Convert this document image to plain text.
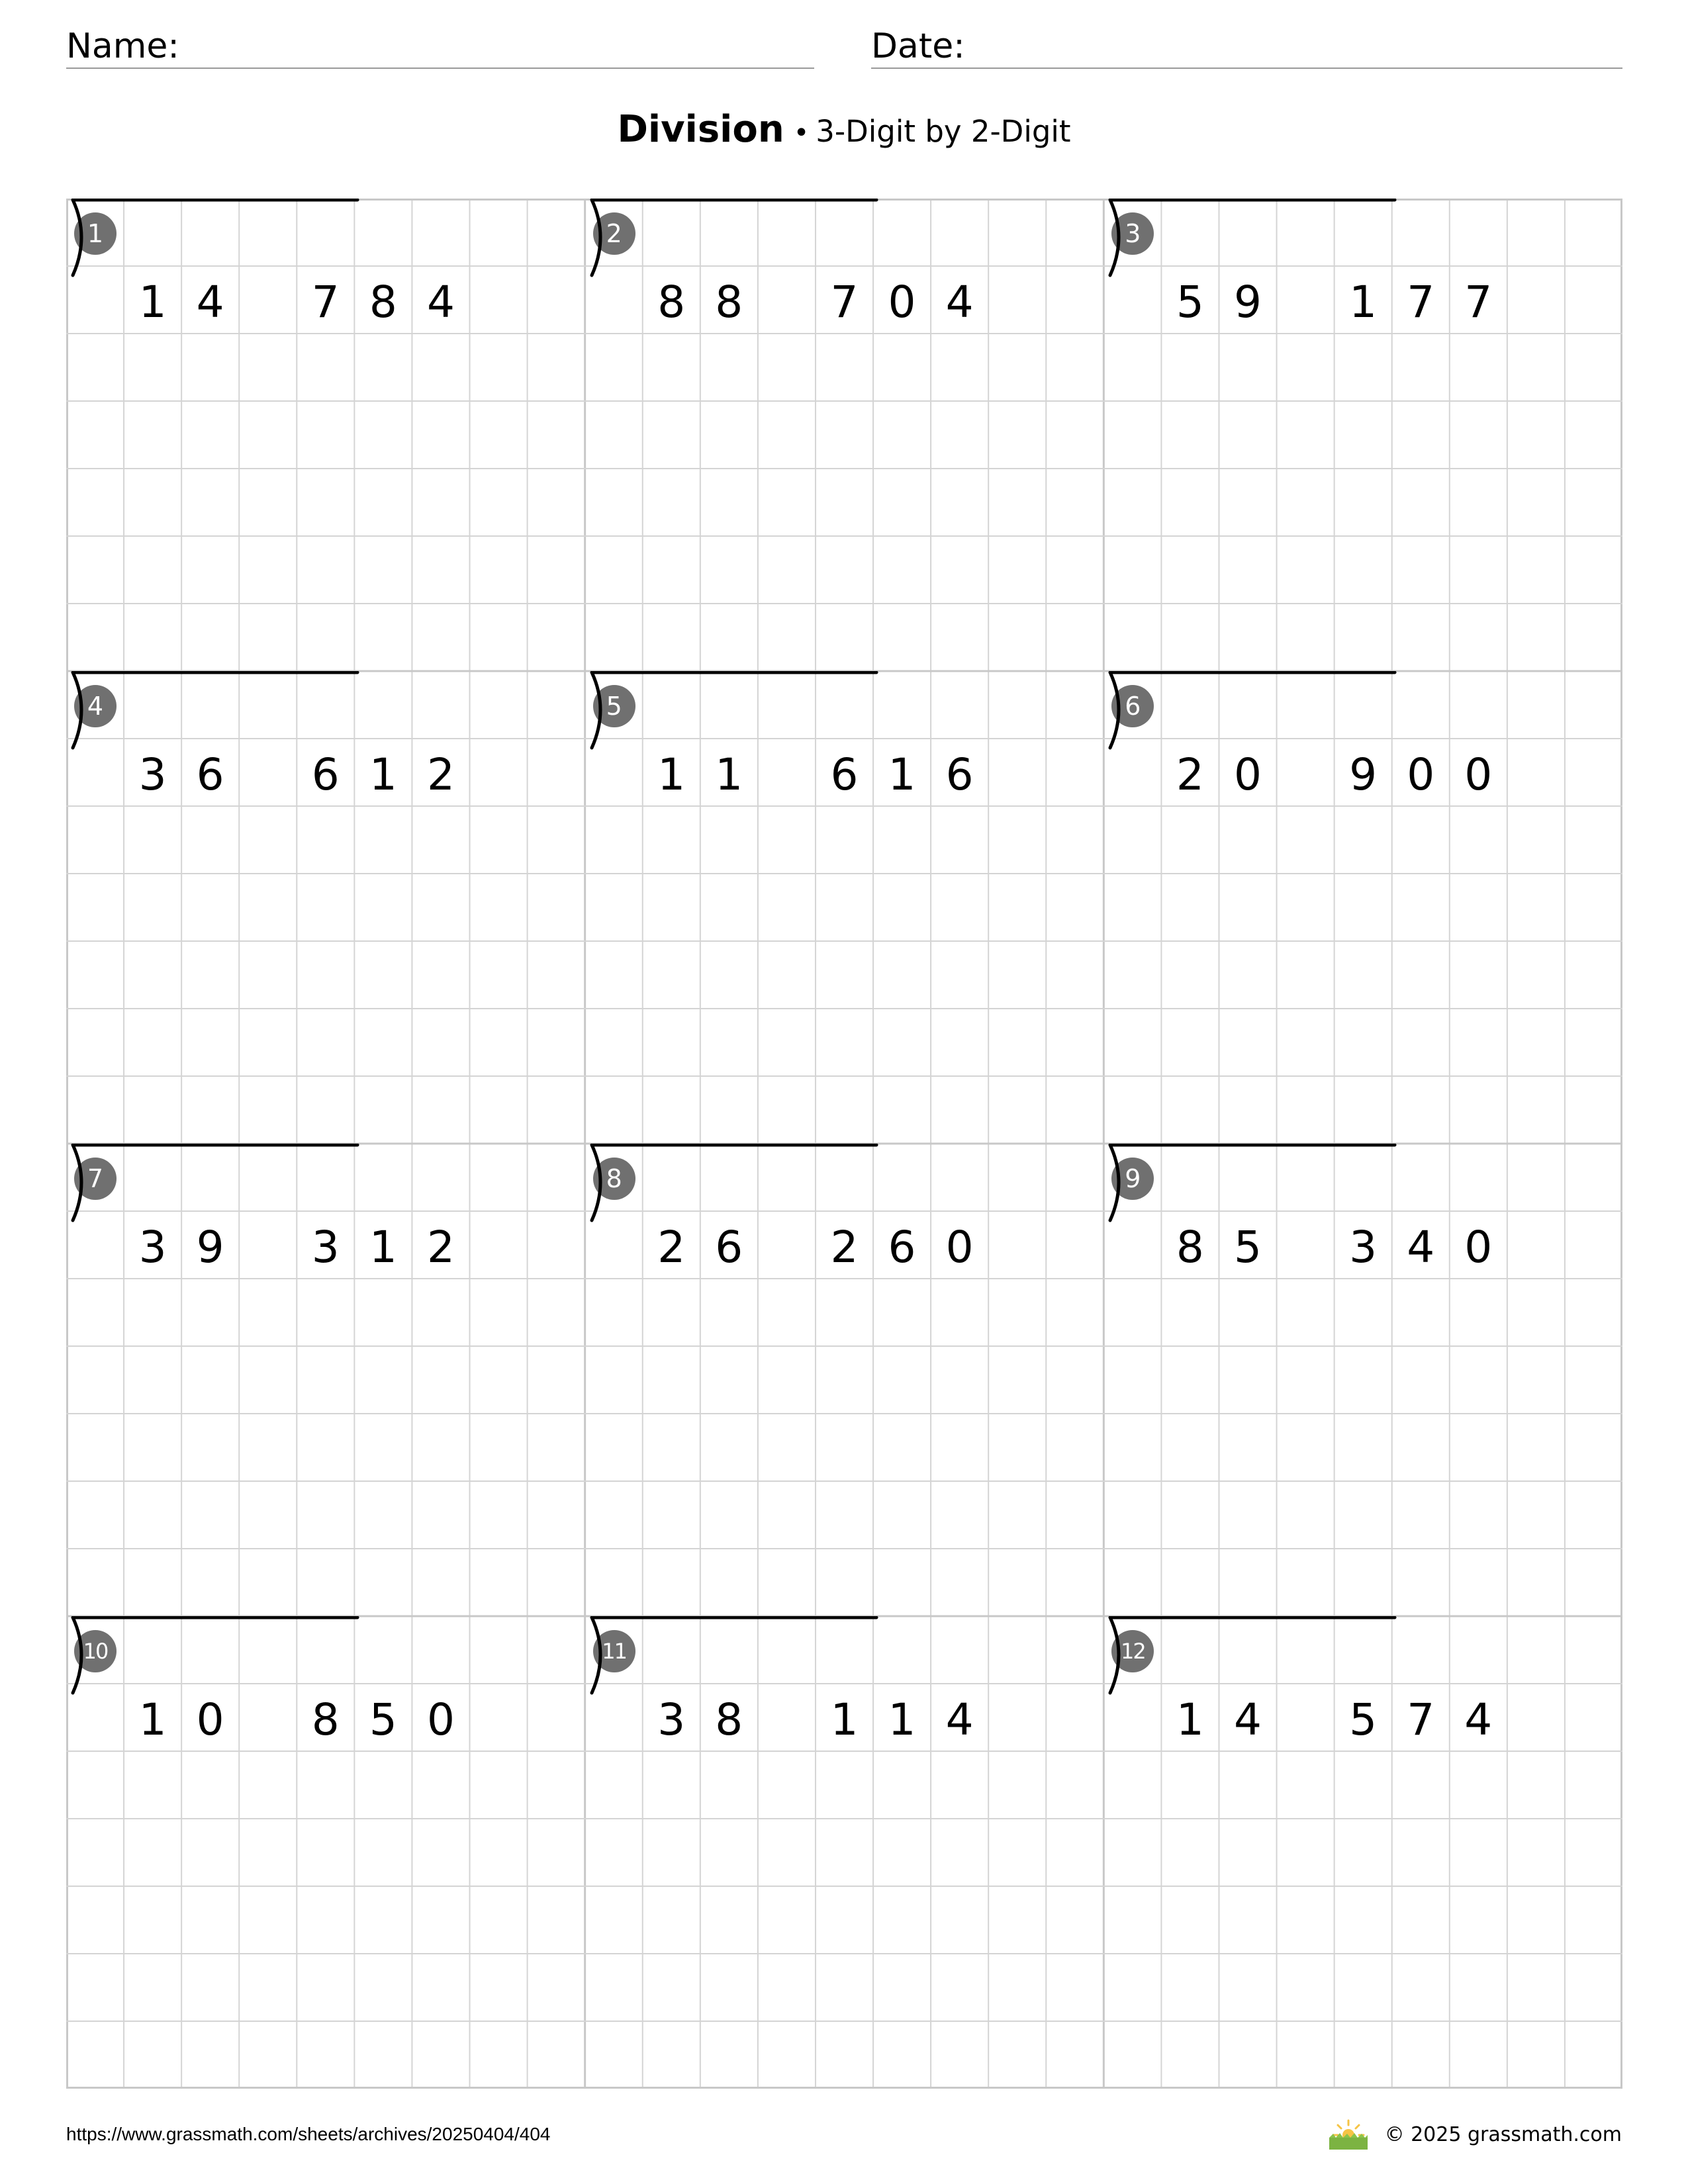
Name:	Date:
Division • 3-Digit by 2-Digit
1
1 4	7 8 4
2
8 8	7 0 4
3
5 9	1 7 7
4
3 6	6 1 2
5
1 1	6 1 6
6
2 0	9 0 0
7
3 9	3 1 2
8
2 6	2 6 0
9
8 5	3 4 0
10
1 0	8 5 0
11
3 8	1 1 4
12
1 4	5 7 4
https://www.grassmath.com/sheets/archives/20250404/404	© 2025 grassmath.com
